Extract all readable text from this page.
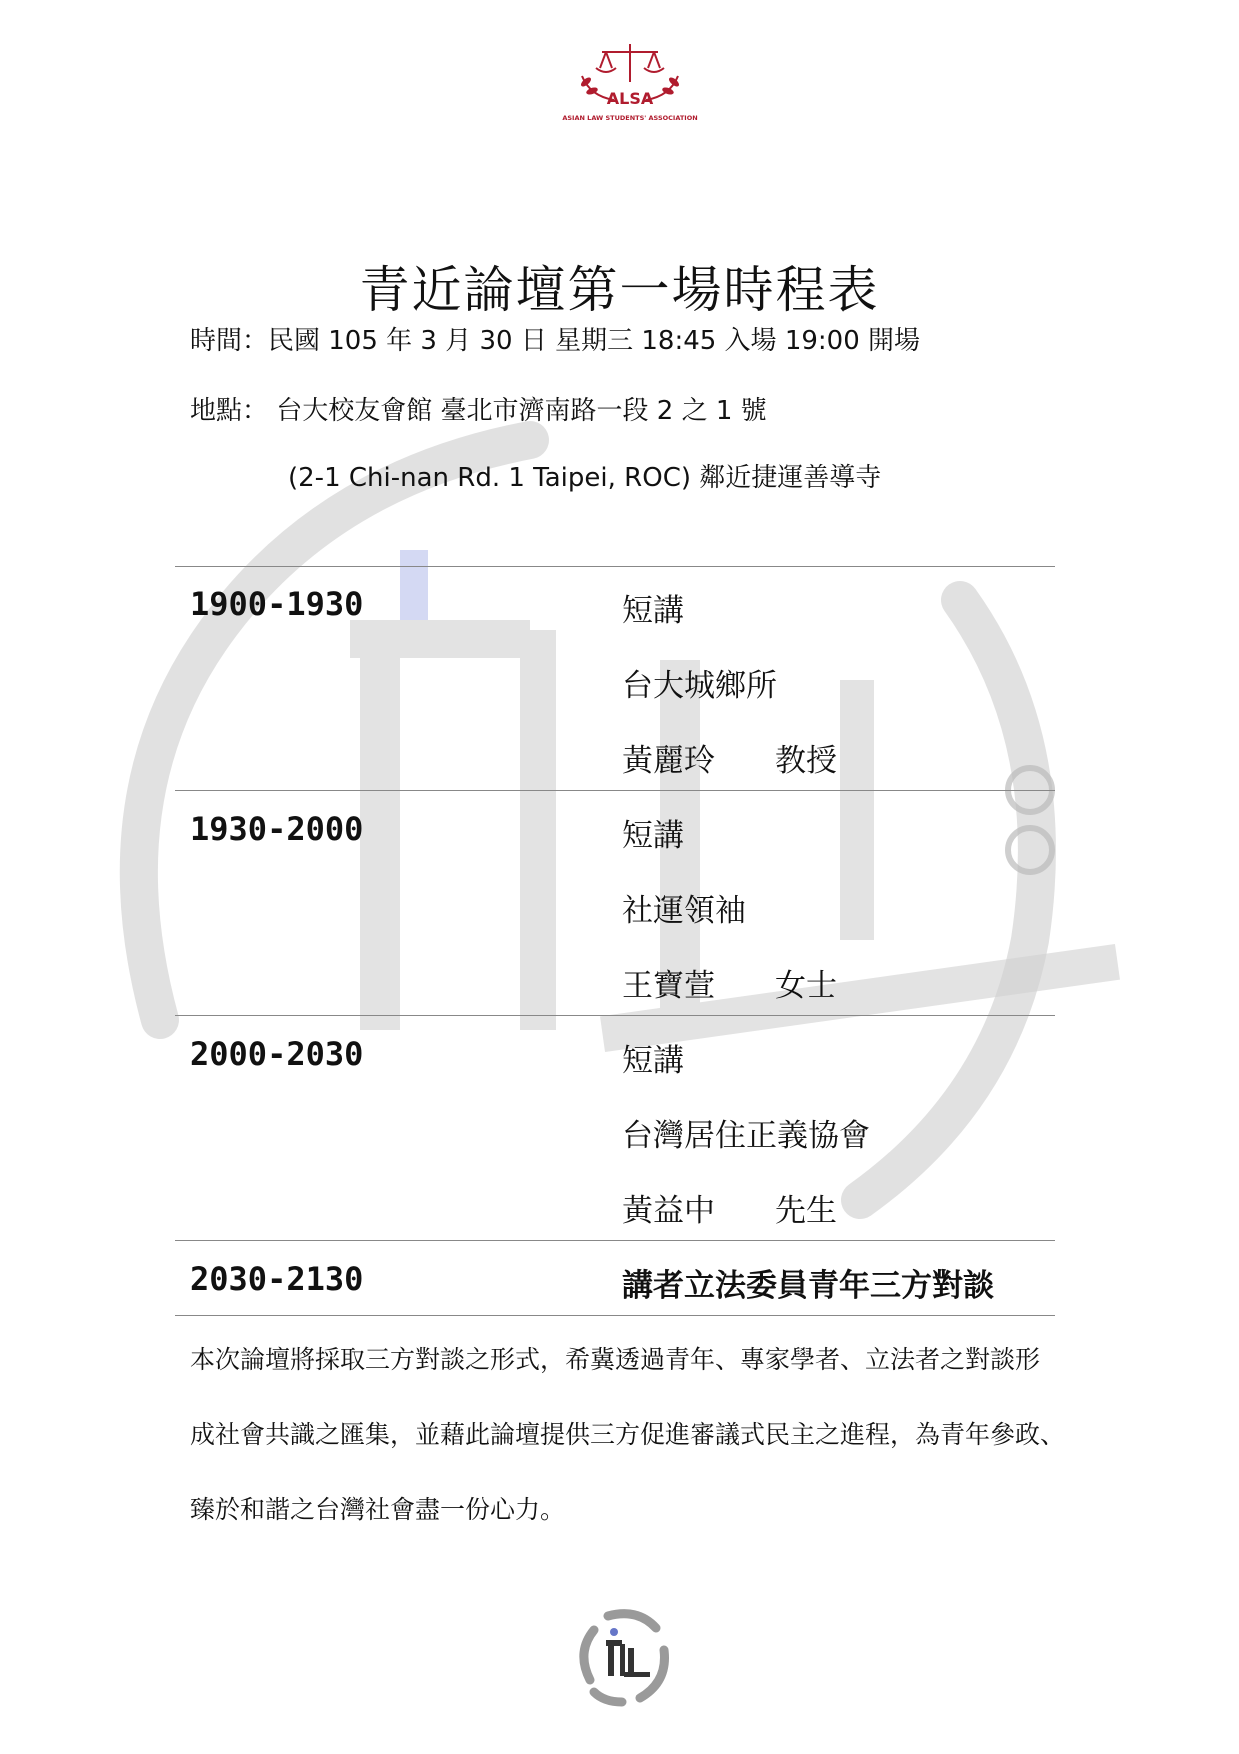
ALSA
ASIAN LAW STUDENTS' ASSOCIATION
青近論壇第一場時程表
時間：民國 105 年 3 月 30 日 星期三 18:45 入場 19:00 開場
地點： 台大校友會館 臺北市濟南路一段 2 之 1 號
(2-1 Chi-nan Rd. 1 Taipei, ROC) 鄰近捷運善導寺
1900-1930	短講
台大城鄉所
黃麗玲 教授
1930-2000	短講
社運領袖
王寶萱 女士
2000-2030	短講
台灣居住正義協會
黃益中 先生
2030-2130	講者立法委員青年三方對談
本次論壇將採取三方對談之形式，希冀透過青年、專家學者、立法者之對談形
成社會共識之匯集，並藉此論壇提供三方促進審議式民主之進程，為青年參政、
臻於和諧之台灣社會盡一份心力。
